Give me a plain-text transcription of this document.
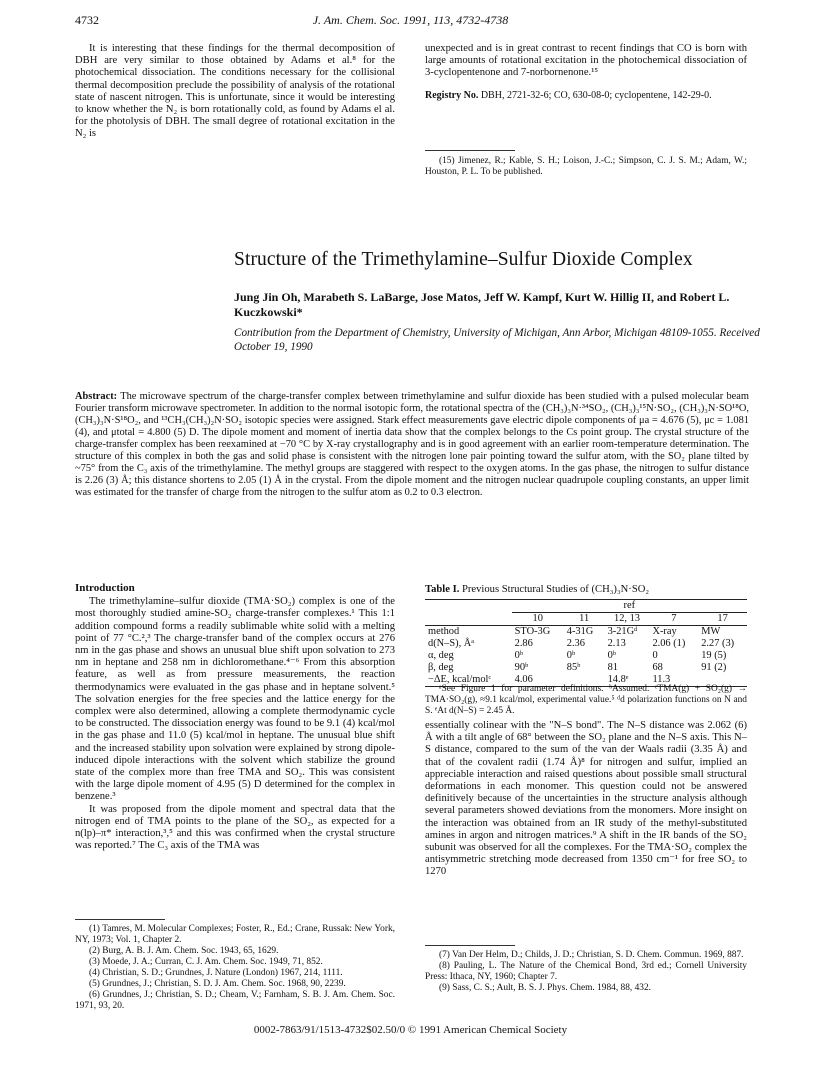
4732	J. Am. Chem. Soc. 1991, 113, 4732-4738

It is interesting that these findings for the thermal decomposition of DBH are very similar to those obtained by Adams et al.⁸ for the photochemical dissociation. The conditions necessary for the collisional thermal decomposition preclude the possibility of analysis of the rotational state of nascent nitrogen. This is unfortunate, since it would be interesting to know whether the N₂ is born rotationally cold, as found by Adams el al. for the photolysis of DBH. The small degree of rotational excitation in the N₂ is

unexpected and is in great contrast to recent findings that CO is born with large amounts of rotational excitation in the photochemical dissociation of 3-cyclopentenone and 7-norbornenone.¹⁵

Registry No. DBH, 2721-32-6; CO, 630-08-0; cyclopentene, 142-29-0.

(15) Jimenez, R.; Kable, S. H.; Loison, J.-C.; Simpson, C. J. S. M.; Adam, W.; Houston, P. L. To be published.

Structure of the Trimethylamine–Sulfur Dioxide Complex
Jung Jin Oh, Marabeth S. LaBarge, Jose Matos, Jeff W. Kampf, Kurt W. Hillig II, and Robert L. Kuczkowski*
Contribution from the Department of Chemistry, University of Michigan, Ann Arbor, Michigan 48109-1055. Received October 19, 1990
Abstract: The microwave spectrum of the charge-transfer complex between trimethylamine and sulfur dioxide has been studied with a pulsed molecular beam Fourier transform microwave spectrometer. In addition to the normal isotopic form, the rotational spectra of the (CH₃)₃N·³⁴SO₂, (CH₃)₃¹⁵N·SO₂, (CH₃)₃N·SO¹⁸O, (CH₃)₃N·S¹⁸O₂, and ¹³CH₃(CH₃)₂N·SO₂ isotopic species were assigned. Stark effect measurements gave electric dipole components of μa = 4.676 (5), μc = 1.081 (4), and μtotal = 4.800 (5) D. The dipole moment and moment of inertia data show that the complex belongs to the Cs point group. The crystal structure of the charge-transfer complex has been reexamined at −70 °C by X-ray crystallography and is in good agreement with an earlier room-temperature determination. The structure of this complex in both the gas and solid phase is consistent with the nitrogen lone pair pointing toward the sulfur atom, with the SO₂ plane tilted by ~75° from the C₃ axis of the trimethylamine. The methyl groups are staggered with respect to the oxygen atoms. In the gas phase, the nitrogen to sulfur distance is 2.26 (3) Å; this distance shortens to 2.05 (1) Å in the crystal. From the dipole moment and the nitrogen nuclear quadrupole coupling constants, an upper limit was estimated for the transfer of charge from the nitrogen to the sulfur atom as 0.2 to 0.3 electron.
Introduction

The trimethylamine–sulfur dioxide (TMA·SO₂) complex is one of the most thoroughly studied amine-SO₂ charge-transfer complexes.¹ This 1:1 addition compound forms a readily sublimable white solid with a melting point of 77 °C.²,³ The charge-transfer band of the complex occurs at 276 nm in the gas phase and shows an unusual blue shift upon solvation to 273 nm in heptane and 258 nm in dichloromethane.⁴⁻⁶ From this absorption feature, as well as from pressure measurements, the reaction thermodynamics were evaluated in the gas phase and in heptane solvent.⁵ The solvation energies for the free species and the lattice energy for the complex were also determined, allowing a complete thermodynamic cycle to be constructed. The dissociation energy was found to be 9.1 (4) kcal/mol in the gas phase and 11.0 (5) kcal/mol in heptane. The unusual blue shift and the increased stability upon solvation were explained by strong dipole-induced dipole interactions with the solvent which stabilize the ground state of the complex more than free TMA and SO₂. This was consistent with the large dipole moment of 4.95 (5) D determined for the complex in benzene.³

It was proposed from the dipole moment and spectral data that the nitrogen end of TMA points to the plane of the SO₂, as expected for a n(lp)–π* interaction,³,⁵ and this was confirmed when the crystal structure was reported.⁷ The C₃ axis of the TMA was

(1) Tamres, M. Molecular Complexes; Foster, R., Ed.; Crane, Russak: New York, NY, 1973; Vol. 1, Chapter 2.

(2) Burg, A. B. J. Am. Chem. Soc. 1943, 65, 1629.

(3) Moede, J. A.; Curran, C. J. Am. Chem. Soc. 1949, 71, 852.

(4) Christian, S. D.; Grundnes, J. Nature (London) 1967, 214, 1111.

(5) Grundnes, J.; Christian, S. D. J. Am. Chem. Soc. 1968, 90, 2239.

(6) Grundnes, J.; Christian, S. D.; Cheam, V.; Farnham, S. B. J. Am. Chem. Soc. 1971, 93, 20.

Table I. Previous Structural Studies of (CH₃)₃N·SO₂
	ref				
	10	11	12, 13	7	17

method	STO-3G	4-31G	3-21Gᵈ	X-ray	MW
d(N–S), Åᵃ	2.86	2.36	2.13	2.06 (1)	2.27 (3)
α, deg	0ᵇ	0ᵇ	0ᵇ	0	19 (5)
β, deg	90ᵇ	85ᵇ	81	68	91 (2)
−ΔE, kcal/molᶜ	4.06		14.8ᵉ	11.3	

ᵃSee Figure 1 for parameter definitions. ᵇAssumed. ᶜTMA(g) + SO₂(g) → TMA·SO₂(g), ≈9.1 kcal/mol, experimental value.⁵ ᵈd polarization functions on N and S. ᵉAt d(N–S) = 2.45 Å.

essentially colinear with the "N–S bond". The N–S distance was 2.062 (6) Å with a tilt angle of 68° between the SO₂ plane and the N–S axis. This N–S distance, compared to the sum of the van der Waals radii (3.35 Å) and that of the covalent radii (1.74 Å)⁸ for nitrogen and sulfur, implied an appreciable interaction and raised questions about possible small structural deformations in each monomer. This question could not be answered definitively because of the uncertainties in the structure analysis although several parameters showed deviations from the monomers. More insight on the interaction was obtained from an IR study of the methyl-substituted amines in argon and nitrogen matrices.⁹ A shift in the IR bands of the SO₂ subunit was observed for all the complexes. For the TMA·SO₂ complex the antisymmetric stretching mode decreased from 1350 cm⁻¹ for free SO₂ to 1270

(7) Van Der Helm, D.; Childs, J. D.; Christian, S. D. Chem. Commun. 1969, 887.

(8) Pauling, L. The Nature of the Chemical Bond, 3rd ed.; Cornell University Press: Ithaca, NY, 1960; Chapter 7.

(9) Sass, C. S.; Ault, B. S. J. Phys. Chem. 1984, 88, 432.

0002-7863/91/1513-4732$02.50/0 © 1991 American Chemical Society
